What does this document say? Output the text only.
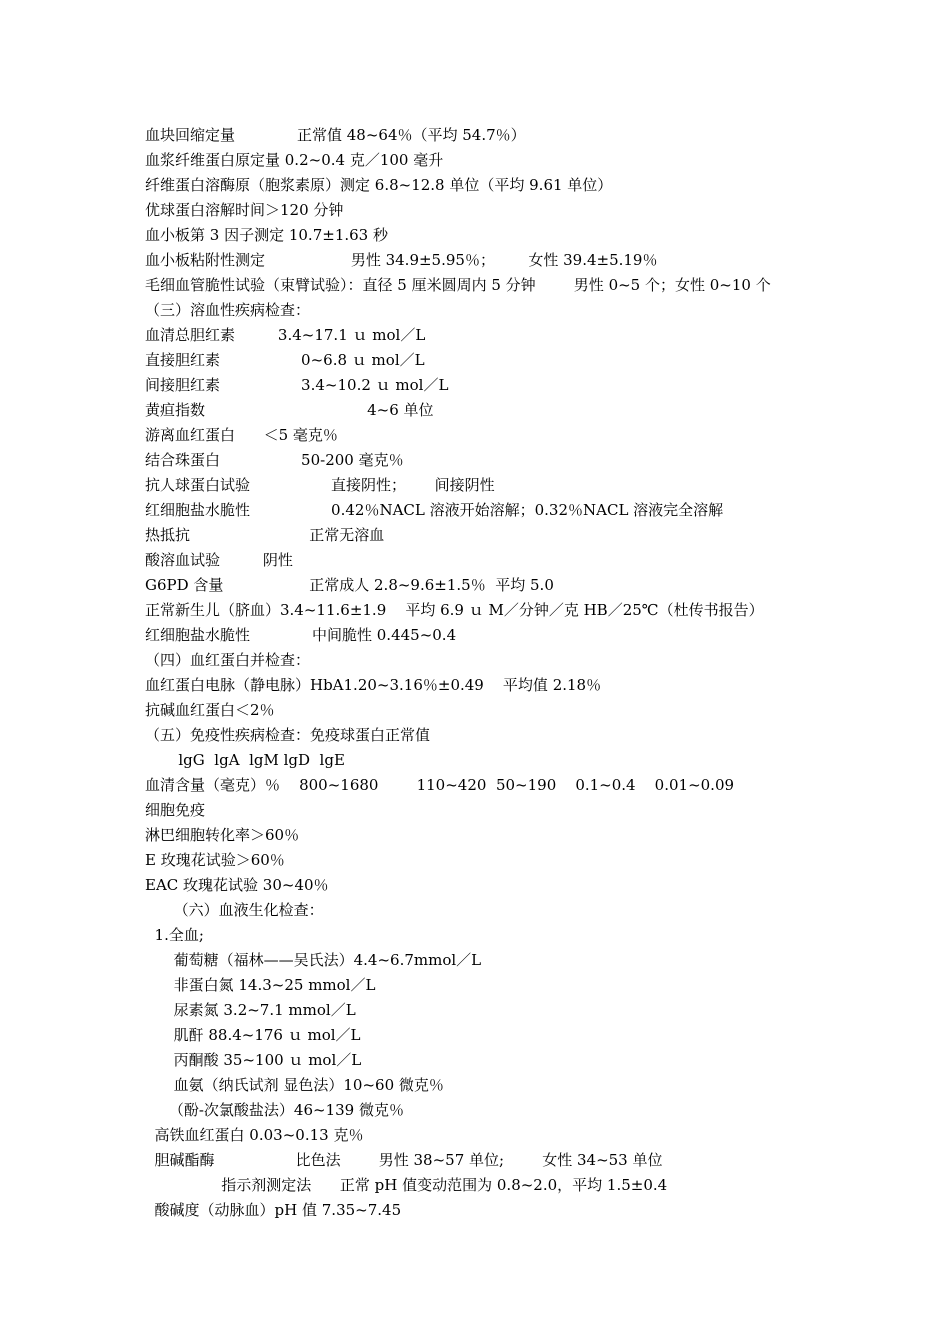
血块回缩定量             正常值 48~64％（平均 54.7％）
血浆纤维蛋白原定量 0.2~0.4 克／100 毫升
纤维蛋白溶酶原（胞浆素原）测定 6.8~12.8 单位（平均 9.61 单位）
优球蛋白溶解时间＞120 分钟
血小板第 3 因子测定 10.7±1.63 秒
血小板粘附性测定                  男性 34.9±5.95％；       女性 39.4±5.19％
毛细血管脆性试验（束臂试验）：直径 5 厘米圆周内 5 分钟        男性 0~5 个；女性 0~10 个
（三）溶血性疾病检查：
血清总胆红素         3.4~17.1 ｕ mol／L
直接胆红素                 0~6.8 ｕ mol／L
间接胆红素                 3.4~10.2 ｕ mol／L
黄疸指数                                  4~6 单位
游离血红蛋白      ＜5 毫克％
结合珠蛋白                 50-200 毫克％
抗人球蛋白试验                 直接阴性；      间接阴性
红细胞盐水脆性                 0.42％NACL 溶液开始溶解；0.32％NACL 溶液完全溶解
热抵抗                         正常无溶血
酸溶血试验         阴性
G6PD 含量                  正常成人 2.8~9.6±1.5％  平均 5.0
正常新生儿（脐血）3.4~11.6±1.9    平均 6.9 ｕ M／分钟／克 HB／25℃（杜传书报告）
红细胞盐水脆性             中间脆性 0.445~0.4
（四）血红蛋白并检查：
血红蛋白电脉（静电脉）HbA1.20~3.16％±0.49    平均值 2.18％
抗碱血红蛋白＜2％
（五）免疫性疾病检查：免疫球蛋白正常值
lgG  lgA  lgM lgD  lgE
血清含量（毫克）％    800~1680        110~420  50~190    0.1~0.4    0.01~0.09
细胞免疫
淋巴细胞转化率＞60％
E 玫瑰花试验＞60％
EAC 玫瑰花试验 30~40％
（六）血液生化检查：
1.全血;
葡萄糖（福林——吴氏法）4.4~6.7mmol／L
非蛋白氮 14.3~25 mmol／L
尿素氮 3.2~7.1 mmol／L
肌酐 88.4~176 ｕ mol／L
丙酮酸 35~100 ｕ mol／L
血氨（纳氏试剂 显色法）10~60 微克％
（酚-次氯酸盐法）46~139 微克％
高铁血红蛋白 0.03~0.13 克％
胆碱酯酶                 比色法        男性 38~57 单位;        女性 34~53 单位
指示剂测定法      正常 pH 值变动范围为 0.8~2.0，平均 1.5±0.4
酸碱度（动脉血）pH 值 7.35~7.45
